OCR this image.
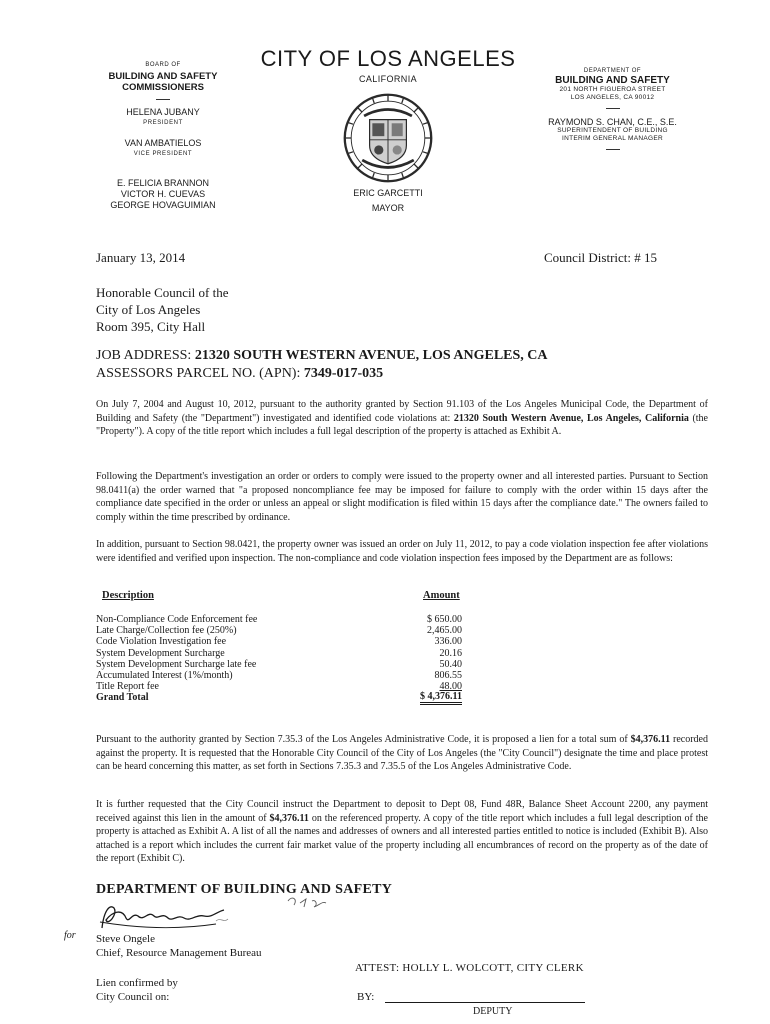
BOARD OF
BUILDING AND SAFETY
COMMISSIONERS
HELENA JUBANY
PRESIDENT
VAN AMBATIELOS
VICE PRESIDENT
E. FELICIA BRANNON
VICTOR H. CUEVAS
GEORGE HOVAGUIMIAN
CITY OF LOS ANGELES
CALIFORNIA
ERIC GARCETTI
MAYOR
DEPARTMENT OF
BUILDING AND SAFETY
201 NORTH FIGUEROA STREET
LOS ANGELES, CA 90012
RAYMOND S. CHAN, C.E., S.E.
SUPERINTENDENT OF BUILDING
INTERIM GENERAL MANAGER
January 13, 2014	Council District: # 15
Honorable Council of the
City of Los Angeles
Room 395, City Hall
JOB ADDRESS: 21320 SOUTH WESTERN AVENUE, LOS ANGELES, CA
ASSESSORS PARCEL NO. (APN): 7349-017-035
On July 7, 2004 and August 10, 2012, pursuant to the authority granted by Section 91.103 of the Los Angeles Municipal Code, the Department of Building and Safety (the "Department") investigated and identified code violations at: 21320 South Western Avenue, Los Angeles, California (the "Property"). A copy of the title report which includes a full legal description of the property is attached as Exhibit A.
Following the Department's investigation an order or orders to comply were issued to the property owner and all interested parties. Pursuant to Section 98.0411(a) the order warned that "a proposed noncompliance fee may be imposed for failure to comply with the order within 15 days after the compliance date specified in the order or unless an appeal or slight modification is filed within 15 days after the compliance date." The owners failed to comply within the time prescribed by ordinance.
In addition, pursuant to Section 98.0421, the property owner was issued an order on July 11, 2012, to pay a code violation inspection fee after violations were identified and verified upon inspection. The non-compliance and code violation inspection fees imposed by the Department are as follows:
Description	Amount
Non-Compliance Code Enforcement fee	$ 650.00
Late Charge/Collection fee (250%)	2,465.00
Code Violation Investigation fee	336.00
System Development Surcharge	20.16
System Development Surcharge late fee	50.40
Accumulated Interest (1%/month)	806.55
Title Report fee	48.00
Grand Total	$ 4,376.11
Pursuant to the authority granted by Section 7.35.3 of the Los Angeles Administrative Code, it is proposed a lien for a total sum of $4,376.11 recorded against the property. It is requested that the Honorable City Council of the City of Los Angeles (the "City Council") designate the time and place protest can be heard concerning this matter, as set forth in Sections 7.35.3 and 7.35.5 of the Los Angeles Administrative Code.
It is further requested that the City Council instruct the Department to deposit to Dept 08, Fund 48R, Balance Sheet Account 2200, any payment received against this lien in the amount of $4,376.11 on the referenced property. A copy of the title report which includes a full legal description of the property is attached as Exhibit A. A list of all the names and addresses of owners and all interested parties entitled to notice is included (Exhibit B). Also attached is a report which includes the current fair market value of the property including all encumbrances of record on the property as of the date of the report (Exhibit C).
DEPARTMENT OF BUILDING AND SAFETY
for Steve Ongele
Chief, Resource Management Bureau
ATTEST: HOLLY L. WOLCOTT, CITY CLERK
Lien confirmed by
City Council on:	BY:
DEPUTY
